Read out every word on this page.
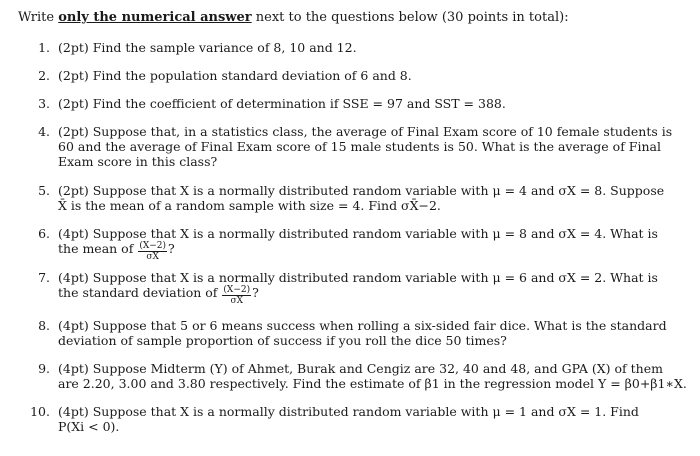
Write only the numerical answer next to the questions below (30 points in total):
1. (2pt) Find the sample variance of 8, 10 and 12.
2. (2pt) Find the population standard deviation of 6 and 8.
3. (2pt) Find the coefficient of determination if SSE = 97 and SST = 388.
4. (2pt) Suppose that, in a statistics class, the average of Final Exam score of 10 female students is
60 and the average of Final Exam score of 15 male students is 50. What is the average of Final
Exam score in this class?
5. (2pt) Suppose that X is a normally distributed random variable with μ = 4 and σX = 8. Suppose
X̄ is the mean of a random sample with size = 4. Find σX̄−2.
6. (4pt) Suppose that X is a normally distributed random variable with μ = 8 and σX = 4. What is
the mean of $\frac{(X-2)}{\sigma X}$ ?
7. (4pt) Suppose that X is a normally distributed random variable with μ = 6 and σX = 2. What is
the standard deviation of $\frac{(X-2)}{\sigma X}$ ?
8. (4pt) Suppose that 5 or 6 means success when rolling a six-sided fair dice. What is the standard
deviation of sample proportion of success if you roll the dice 50 times?
9. (4pt) Suppose Midterm (Y) of Ahmet, Burak and Cengiz are 32, 40 and 48, and GPA (X) of them
are 2.20, 3.00 and 3.80 respectively. Find the estimate of β1 in the regression model Y = β0+β1∗X.
10. (4pt) Suppose that X is a normally distributed random variable with μ = 1 and σX = 1. Find
P(Xi < 0).
